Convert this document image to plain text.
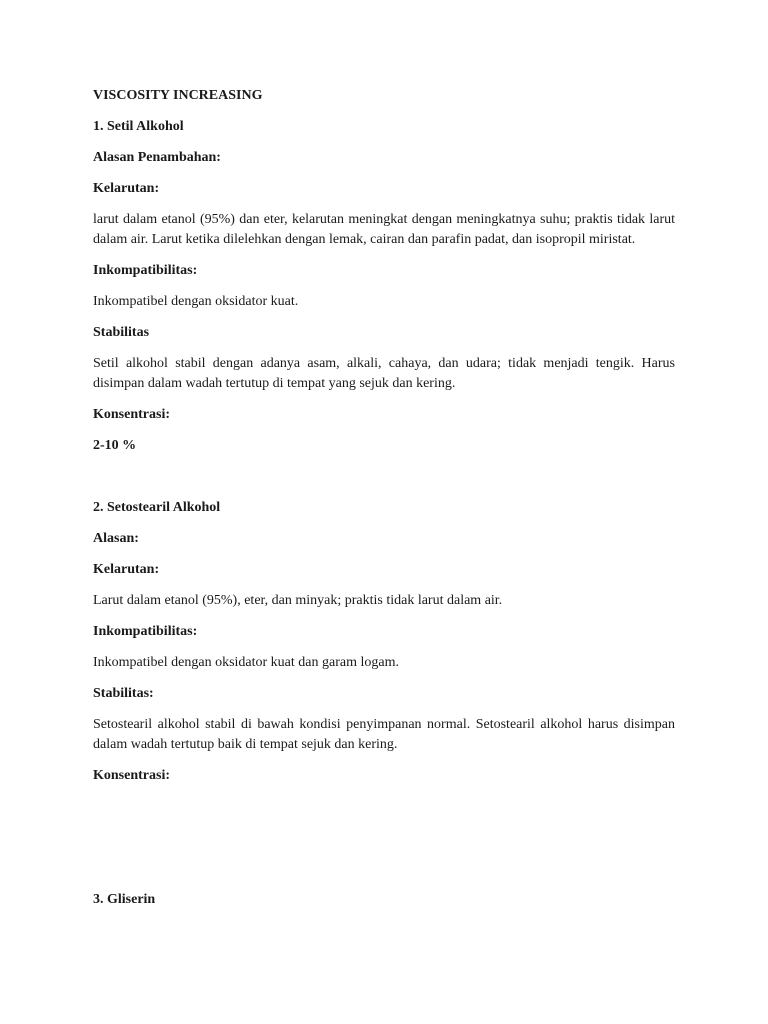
VISCOSITY INCREASING

1. Setil Alkohol

Alasan Penambahan:

Kelarutan:

larut dalam etanol (95%) dan eter, kelarutan meningkat dengan meningkatnya suhu; praktis tidak larut dalam air. Larut ketika dilelehkan dengan lemak, cairan dan parafin padat, dan isopropil miristat.

Inkompatibilitas:

Inkompatibel dengan oksidator kuat.

Stabilitas

Setil alkohol stabil dengan adanya asam, alkali, cahaya, dan udara; tidak menjadi tengik. Harus disimpan dalam wadah tertutup di tempat yang sejuk dan kering.

Konsentrasi:

2-10 %

2. Setostearil Alkohol

Alasan:

Kelarutan:

Larut dalam etanol (95%), eter, dan minyak; praktis tidak larut dalam air.

Inkompatibilitas:

Inkompatibel dengan oksidator kuat dan garam logam.

Stabilitas:

Setostearil alkohol stabil di bawah kondisi penyimpanan normal. Setostearil alkohol harus disimpan dalam wadah tertutup baik di tempat sejuk dan kering.

Konsentrasi:

3. Gliserin
